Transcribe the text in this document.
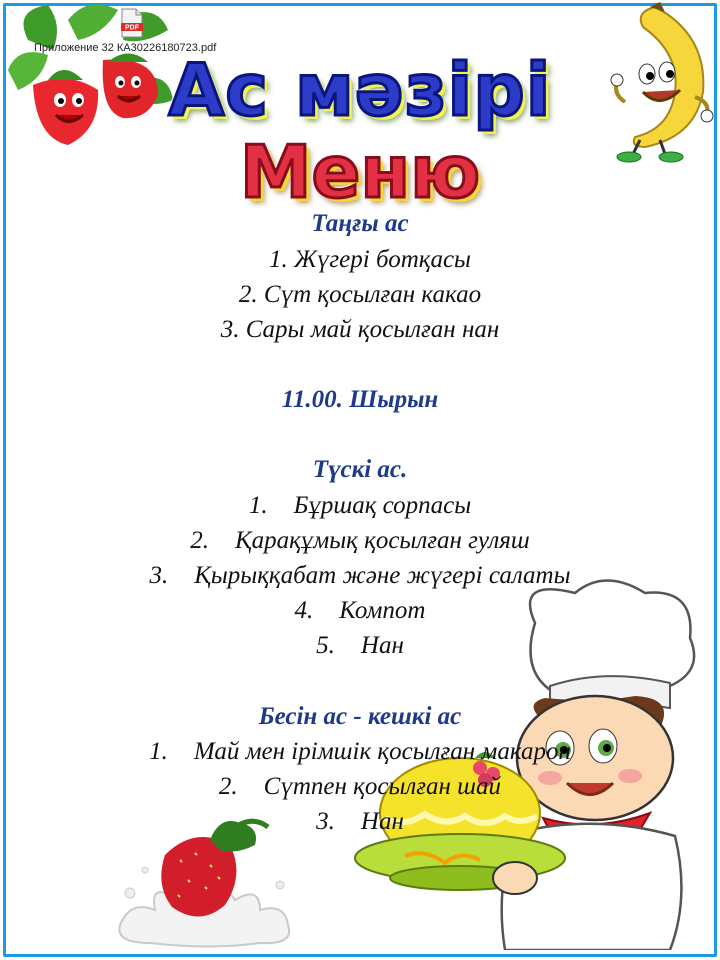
PDF
Приложение 32 КА30226180723.pdf
Ас мәзірі
Меню
Таңғы ас
1. Жүгері ботқасы
2. Сүт қосылған какао
3. Сары май қосылған нан
11.00. Шырын
Түскі ас.
1. Бұршақ сорпасы
2. Қарақұмық қосылған гуляш
3. Қырыққабат және жүгері салаты
4. Компот
5. Нан
Бесін ас - кешкі ас
1. Май мен ірімшік қосылған макарон
2. Сүтпен қосылған шай
3. Нан
